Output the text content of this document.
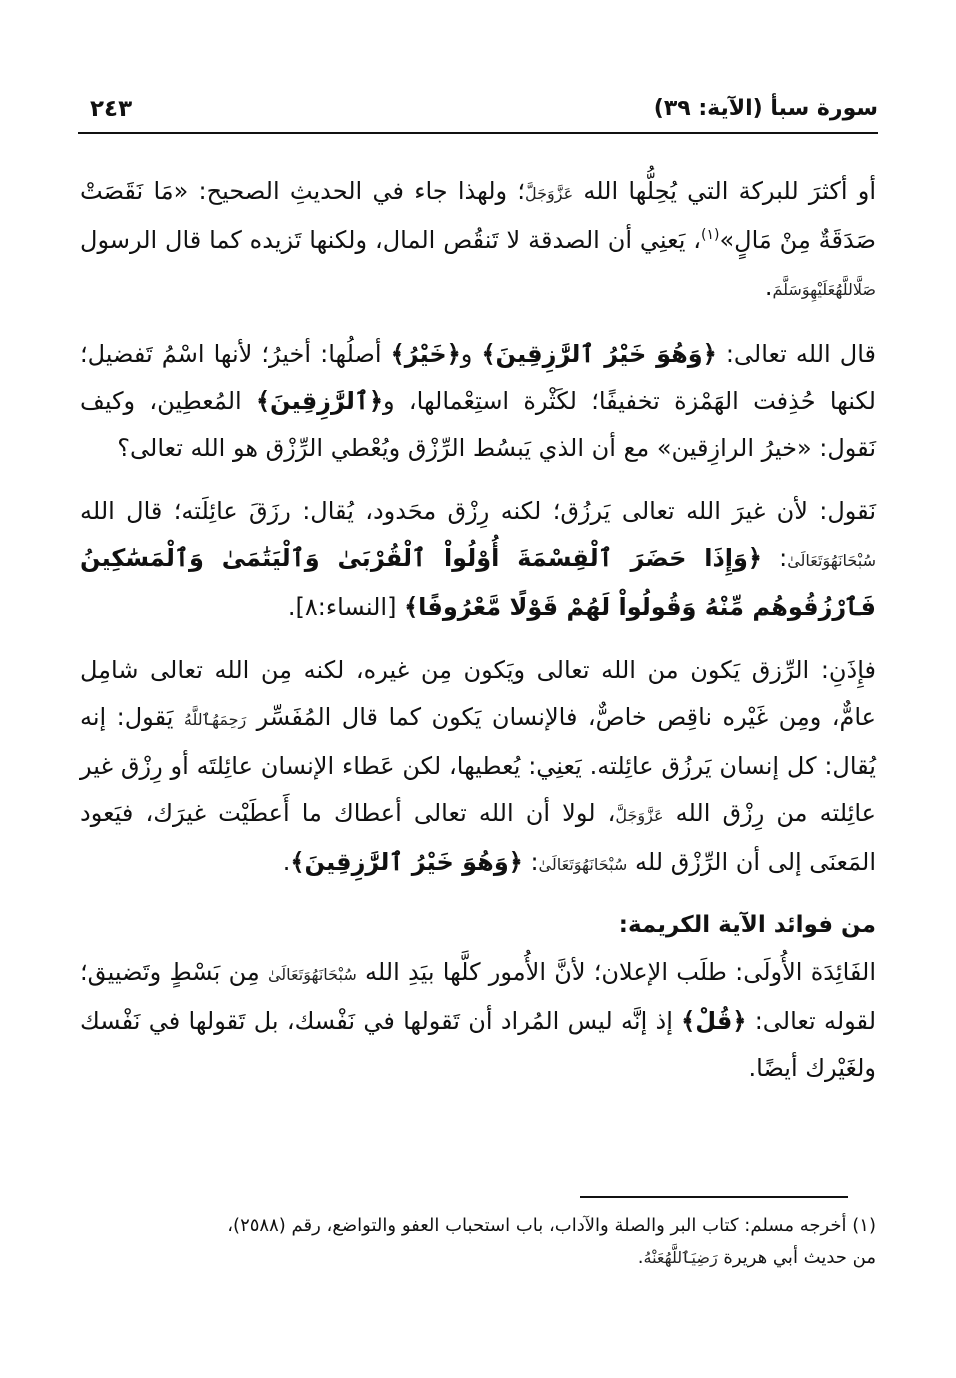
سورة سبأ (الآية: ٣٩)
٢٤٣

أو أكثرَ للبركة التي يُحِلُّها الله عَزَّوَجَلَّ؛ ولهذا جاء في الحديثِ الصحيح: «مَا نَقَصَتْ صَدَقَةٌ مِنْ مَالٍ»$^{(١)}$، يَعنِي أن الصدقة لا تَنقُص المال، ولكنها تَزيده كما قال الرسول صَلَّاللَّهُعَلَيْهِوَسَلَّمَ.

قال الله تعالى: ﴿وَهُوَ خَيْرُ ٱلرَّٰزِقِينَ﴾ و﴿خَيْرُ﴾ أصلُها: أخيرُ؛ لأنها اسْمُ تَفضيل؛ لكنها حُذِفت الهَمْزة تخفيفًا؛ لكَثْرة استِعْمالها، و﴿ٱلرَّٰزِقِينَ﴾ المُعطِين، وكيف نَقول: «خيرُ الرازِقين» مع أن الذي يَبسُط الرِّزْق ويُعْطي الرِّزْق هو الله تعالى؟

نَقول: لأن غيرَ الله تعالى يَرزُق؛ لكنه رِزْق محَدود، يُقال: رزَقَ عائِلَته؛ قال الله سُبْحَانَهُوَتَعَالَىٰ: ﴿وَإِذَا حَضَرَ ٱلْقِسْمَةَ أُوْلُواْ ٱلْقُرْبَىٰ وَٱلْيَتَٰمَىٰ وَٱلْمَسَٰكِينُ فَٱرْزُقُوهُم مِّنْهُ وَقُولُواْ لَهُمْ قَوْلًا مَّعْرُوفًا﴾ [النساء:٨].

فإِذَنِ: الرِّزق يَكون من الله تعالى ويَكون مِن غيره، لكنه مِن الله تعالى شامِل عامٌّ، ومِن غَيْره ناقِص خاصٌّ، فالإنسان يَكون كما قال المُفَسِّر رَحِمَهُٱللَّهُ يَقول: إنه يُقال: كل إنسان يَرزُق عائِلته. يَعنِي: يُعطيها، لكن عَطاء الإنسان عائِلتَه أو رِزْق غير عائِلته من رِزْق الله عَزَّوَجَلَّ، لولا أن الله تعالى أعطاك ما أَعطَيْت غيرَك، فيَعود المَعنَى إلى أن الرِّزْق لله سُبْحَانَهُوَتَعَالَىٰ: ﴿وَهُوَ خَيْرُ ٱلرَّٰزِقِينَ﴾.

من فوائد الآية الكريمة:

الفَائِدَة الأُولَى: طلَب الإعلان؛ لأنَّ الأُمور كلَّها بيَدِ الله سُبْحَانَهُوَتَعَالَىٰ مِن بَسْطٍ وتَضييق؛ لقوله تعالى: ﴿قُلْ﴾ إذ إنَّه ليس المُراد أن تَقولها في نَفْسك، بل تَقولها في نَفْسك ولغَيْرك أيضًا.

(١) أخرجه مسلم: كتاب البر والصلة والآداب، باب استحباب العفو والتواضع، رقم (٢٥٨٨)،

من حديث أبي هريرة رَضِيَٱللَّهُعَنْهُ.
